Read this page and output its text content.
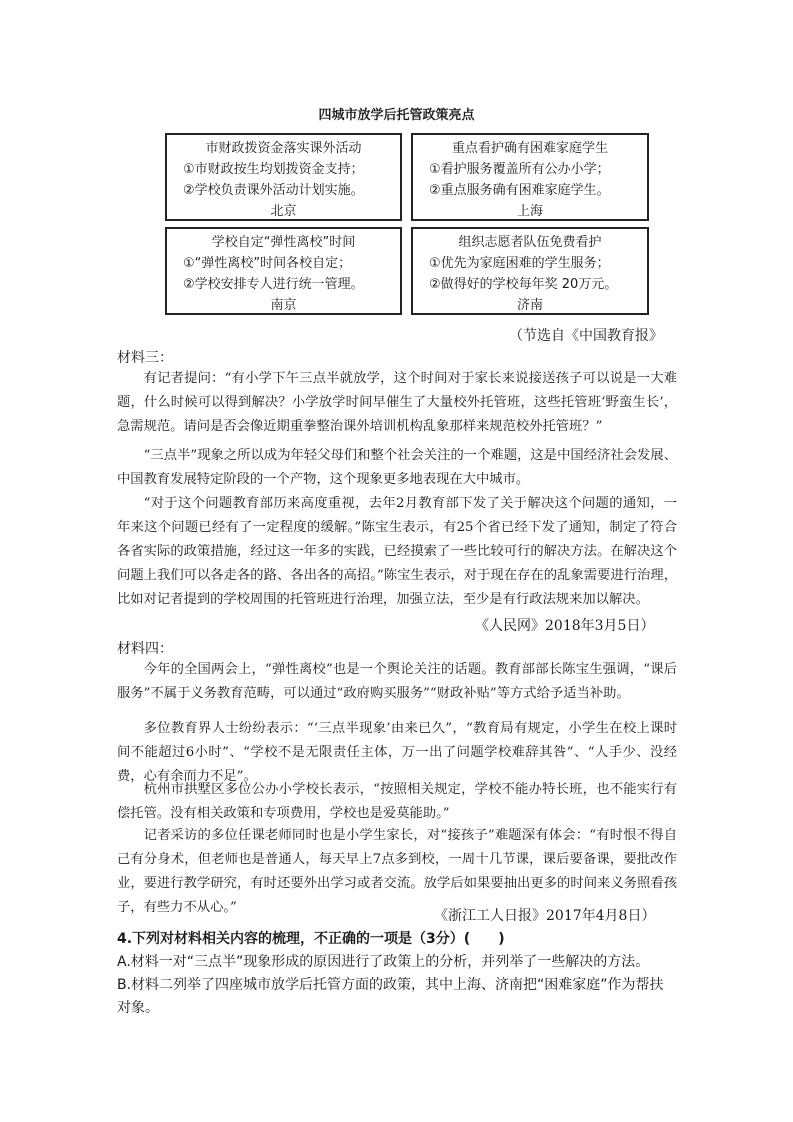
四城市放学后托管政策亮点
市财政拨资金落实课外活动
①市财政按生均划拨资金支持；
②学校负责课外活动计划实施。
北京
重点看护确有困难家庭学生
①看护服务覆盖所有公办小学；
②重点服务确有困难家庭学生。
上海
学校自定“弹性离校”时间
①“弹性离校”时间各校自定；
②学校安排专人进行统一管理。
南京
组织志愿者队伍免费看护
①优先为家庭困难的学生服务；
②做得好的学校每年奖 20万元。
济南
（节选自《中国教育报》
材料三：
有记者提问：“有小学下午三点半就放学，这个时间对于家长来说接送孩子可以说是一大难题，什么时候可以得到解决？小学放学时间早催生了大量校外托管班，这些托管班‘野蛮生长’，急需规范。请问是否会像近期重拳整治课外培训机构乱象那样来规范校外托管班？”
“三点半”现象之所以成为年轻父母们和整个社会关注的一个难题，这是中国经济社会发展、中国教育发展特定阶段的一个产物，这个现象更多地表现在大中城市。
“对于这个问题教育部历来高度重视，去年2月教育部下发了关于解决这个问题的通知，一年来这个问题已经有了一定程度的缓解。”陈宝生表示，有25个省已经下发了通知，制定了符合各省实际的政策措施，经过这一年多的实践，已经摸索了一些比较可行的解决方法。在解决这个问题上我们可以各走各的路、各出各的高招。”陈宝生表示，对于现在存在的乱象需要进行治理，比如对记者提到的学校周围的托管班进行治理，加强立法，至少是有行政法规来加以解决。
《人民网》2018年3月5日）
材料四：
今年的全国两会上，“弹性离校”也是一个舆论关注的话题。教育部部长陈宝生强调，“课后服务”不属于义务教育范畴，可以通过“政府购买服务”“财政补贴”等方式给予适当补助。
多位教育界人士纷纷表示：“‘三点半现象’由来已久”，“教育局有规定，小学生在校上课时间不能超过6小时”、“学校不是无限责任主体，万一出了问题学校难辞其咎”、“人手少、没经费，心有余而力不足”。
杭州市拱墅区多位公办小学校长表示，“按照相关规定，学校不能办特长班，也不能实行有偿托管。没有相关政策和专项费用，学校也是爱莫能助。”
记者采访的多位任课老师同时也是小学生家长，对“接孩子”难题深有体会：“有时恨不得自己有分身术，但老师也是普通人，每天早上7点多到校，一周十几节课，课后要备课，要批改作业，要进行教学研究，有时还要外出学习或者交流。放学后如果要抽出更多的时间来义务照看孩子，有些力不从心。”
《浙江工人日报》2017年4月8日）
4.下列对材料相关内容的梳理，不正确的一项是（3分）(　　)
A.材料一对“三点半”现象形成的原因进行了政策上的分析，并列举了一些解决的方法。
B.材料二列举了四座城市放学后托管方面的政策，其中上海、济南把“困难家庭”作为帮扶对象。
